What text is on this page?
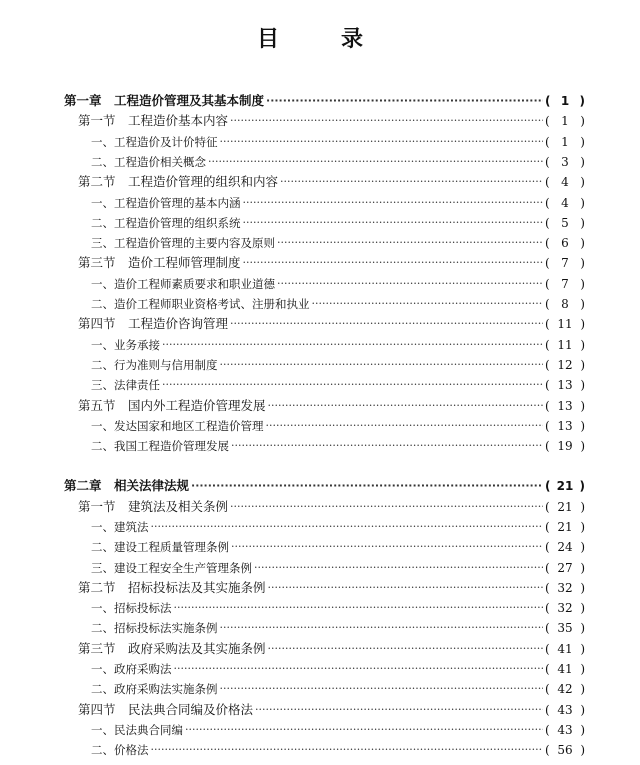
目　录
第一章　工程造价管理及其基本制度 ·····	( 1 )
第一节　工程造价基本内容 ·····	( 1 )
一、工程造价及计价特征 ·····	( 1 )
二、工程造价相关概念 ·····	( 3 )
第二节　工程造价管理的组织和内容 ·····	( 4 )
一、工程造价管理的基本内涵 ·····	( 4 )
二、工程造价管理的组织系统 ·····	( 5 )
三、工程造价管理的主要内容及原则 ·····	( 6 )
第三节　造价工程师管理制度 ·····	( 7 )
一、造价工程师素质要求和职业道德 ·····	( 7 )
二、造价工程师职业资格考试、注册和执业 ·····	( 8 )
第四节　工程造价咨询管理 ·····	( 11 )
一、业务承接 ·····	( 11 )
二、行为准则与信用制度 ·····	( 12 )
三、法律责任 ·····	( 13 )
第五节　国内外工程造价管理发展 ·····	( 13 )
一、发达国家和地区工程造价管理 ·····	( 13 )
二、我国工程造价管理发展 ·····	( 19 )
第二章　相关法律法规 ·····	( 21 )
第一节　建筑法及相关条例 ·····	( 21 )
一、建筑法 ·····	( 21 )
二、建设工程质量管理条例 ·····	( 24 )
三、建设工程安全生产管理条例 ·····	( 27 )
第二节　招标投标法及其实施条例 ·····	( 32 )
一、招标投标法 ·····	( 32 )
二、招标投标法实施条例 ·····	( 35 )
第三节　政府采购法及其实施条例 ·····	( 41 )
一、政府采购法 ·····	( 41 )
二、政府采购法实施条例 ·····	( 42 )
第四节　民法典合同编及价格法 ·····	( 43 )
一、民法典合同编 ·····	( 43 )
二、价格法 ·····	( 56 )
